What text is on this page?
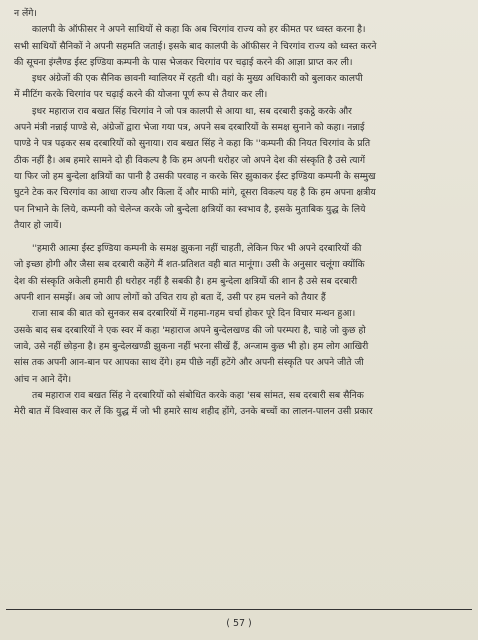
न लेंगे।
कालपी के ऑफीसर ने अपने साथियों से कहा कि अब चिरगांव राज्य को हर कीमत पर ध्वस्त करना है।
सभी साथियों सैनिकों ने अपनी सहमति जताई। इसके बाद कालपी के ऑफीसर ने चिरगांव राज्य को ध्वस्त करने
की सूचना इंग्लैण्ड ईस्ट इण्डिया कम्पनी के पास भेजकर चिरगांव पर चढ़ाई करने की आज्ञा प्राप्त कर ली।
इधर अंग्रेजों की एक सैनिक छावनी ग्वालियर में रहती थी। वहां के मुख्य अधिकारी को बुलाकर कालपी
में मीटिंग करके चिरगांव पर चढ़ाई करने की योजना पूर्ण रूप से तैयार कर ली।
इधर महाराज राव बखत सिंह चिरगांव ने जो पत्र कालपी से आया था, सब दरबारी इकट्ठे करके और
अपने मंत्री नन्नाई पाण्डे से, अंग्रेजों द्वारा भेजा गया पत्र, अपने सब दरबारियों के समक्ष सुनाने को कहा। नन्नाई
पाण्डे ने पत्र पढ़कर सब दरबारियों को सुनाया। राव बखत सिंह ने कहा कि ''कम्पनी की नियत चिरगांव के प्रति
ठीक नहीं है। अब हमारे सामने दो ही विकल्प है कि हम अपनी धरोहर जो अपने देश की संस्कृति है उसे त्यागें
या फिर जो हम बुन्देला क्षत्रियों का पानी है उसकी परवाह न करके सिर झुकाकर ईस्ट इण्डिया कम्पनी के सम्मुख
घुटने टेक कर चिरगांव का आधा राज्य और किला दें और माफी मांगे, दूसरा विकल्प यह है कि हम अपना क्षत्रीय
पन निभाने के लिये, कम्पनी को चेलेन्ज करके जो बुन्देला क्षत्रियों का स्वभाव है, इसके मुताबिक युद्ध के लिये
तैयार हो जायें।
''हमारी आत्मा ईस्ट इण्डिया कम्पनी के समक्ष झुकना नहीं चाहती, लेकिन फिर भी अपने दरबारियों की
जो इच्छा होगी और जैसा सब दरबारी कहेंगे मैं शत-प्रतिशत वही बात मानूंगा। उसी के अनुसार चलूंगा क्योंकि
देश की संस्कृति अकेली हमारी ही धरोहर नहीं है सबकी है। हम बुन्देला क्षत्रियों की शान है उसे सब दरबारी
अपनी शान समझें। अब जो आप लोगों को उचित राय हो बता दें, उसी पर हम चलने को तैयार हैं
राजा साब की बात को सुनकर सब दरबारियों में गहमा-गहम चर्चा होकर पूरे दिन विचार मन्थन हुआ।
उसके बाद सब दरबारियों ने एक स्वर में कहा 'महाराज अपने बुन्देलखण्ड की जो परम्परा है, चाहे जो कुछ हो
जावे, उसे नहीं छोड़ना है। हम बुन्देलखण्डी झुकना नहीं भरना सीखें हैं, अन्जाम कुछ भी हो। हम लोग आखिरी
सांस तक अपनी आन-बान पर आपका साथ देंगे। हम पीछे नहीं हटेंगे और अपनी संस्कृति पर अपने जीते जी
आंच न आने देंगे।
तब महाराज राव बखत सिंह ने दरबारियों को संबोधित करके कहा 'सब सांमत, सब दरबारी सब सैनिक
मेरी बात में विश्वास कर लें कि युद्ध में जो भी हमारे साथ शहीद होंगे, उनके बच्चों का लालन-पालन उसी प्रकार
( 57 )
